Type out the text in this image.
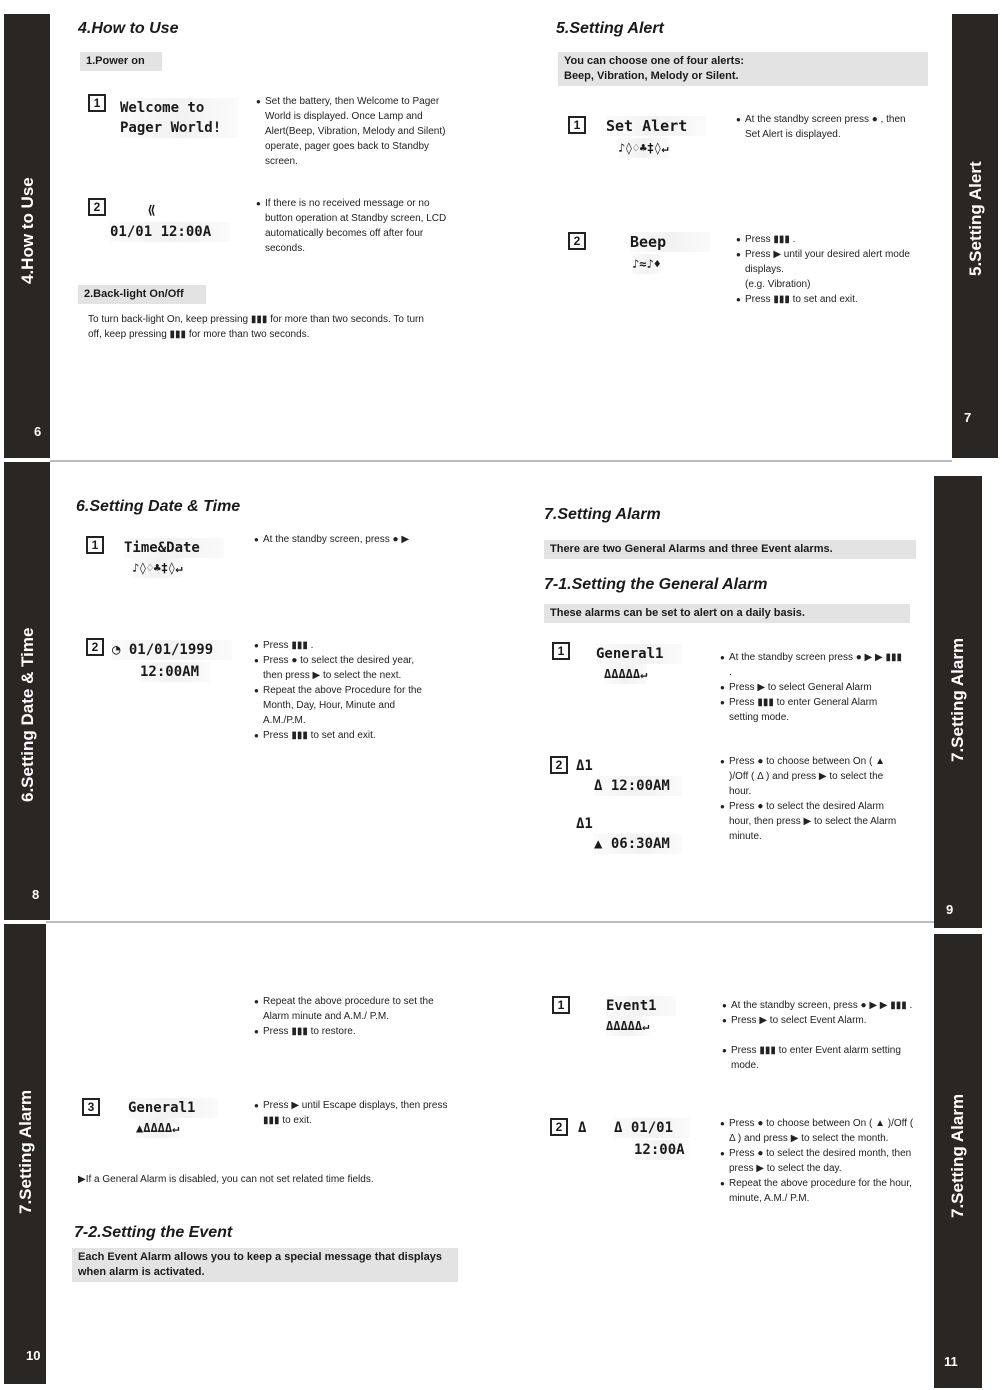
4.How to Use
6
6.Setting Date & Time
8
7.Setting Alarm
10
5.Setting Alert
7
7.Setting Alarm
9
7.Setting Alarm
11
4.How to Use
1.Power on
1	Welcome to
Pager World!
● Set the battery, then Welcome to Pager World is displayed. Once Lamp and Alert(Beep, Vibration, Melody and Silent) operate, pager goes back to Standby screen.
2	⟪
01/01 12:00A
● If there is no received message or no button operation at Standby screen, LCD automatically becomes off after four seconds.
2.Back-light On/Off
To turn back-light On, keep pressing ▮▮▮ for more than two seconds. To turn off, keep pressing ▮▮▮ for more than two seconds.
5.Setting Alert
You can choose one of four alerts:
Beep, Vibration, Melody or Silent.
1	Set Alert
♪◊♢♣‡◊↵
● At the standby screen press ● , then Set Alert is displayed.
2	Beep
♪≈♪♦
● Press ▮▮▮ .
● Press ▶ until your desired alert mode displays.
(e.g. Vibration)
● Press ▮▮▮ to set and exit.
6.Setting Date & Time
1	Time&Date
♪◊♢♣‡◊↵
● At the standby screen, press ● ▶
2 ◔ 01/01/1999
12:00AM
● Press ▮▮▮ .
● Press ● to select the desired year, then press ▶ to select the next.
● Repeat the above Procedure for the Month, Day, Hour, Minute and A.M./P.M.
● Press ▮▮▮ to set and exit.
7.Setting Alarm
There are two General Alarms and three Event alarms.
7-1.Setting the General Alarm
These alarms can be set to alert on a daily basis.
1	General1
ΔΔΔΔΔ↵
● At the standby screen press ● ▶ ▶ ▮▮▮ .
● Press ▶ to select General Alarm
● Press ▮▮▮ to enter General Alarm setting mode.
2 Δ1
Δ 12:00AM
Δ1
▲ 06:30AM
● Press ● to choose between On ( ▲ )/Off ( Δ ) and press ▶ to select the hour.
● Press ● to select the desired Alarm hour, then press ▶ to select the Alarm minute.
● Repeat the above procedure to set the Alarm minute and A.M./ P.M.
● Press ▮▮▮ to restore.
3	General1
▲ΔΔΔΔ↵
● Press ▶ until Escape displays, then press ▮▮▮ to exit.
▶If a General Alarm is disabled, you can not set related time fields.
7-2.Setting the Event
Each Event Alarm allows you to keep a special message that displays when alarm is activated.
1	Event1
ΔΔΔΔΔ↵
● At the standby screen, press ● ▶ ▶ ▮▮▮ .
● Press ▶ to select Event Alarm.
● Press ▮▮▮ to enter Event alarm setting mode.
2	Δ Δ 01/01
12:00A
● Press ● to choose between On ( ▲ )/Off ( Δ ) and press ▶ to select the month.
● Press ● to select the desired month, then press ▶ to select the day.
● Repeat the above procedure for the hour, minute, A.M./ P.M.
